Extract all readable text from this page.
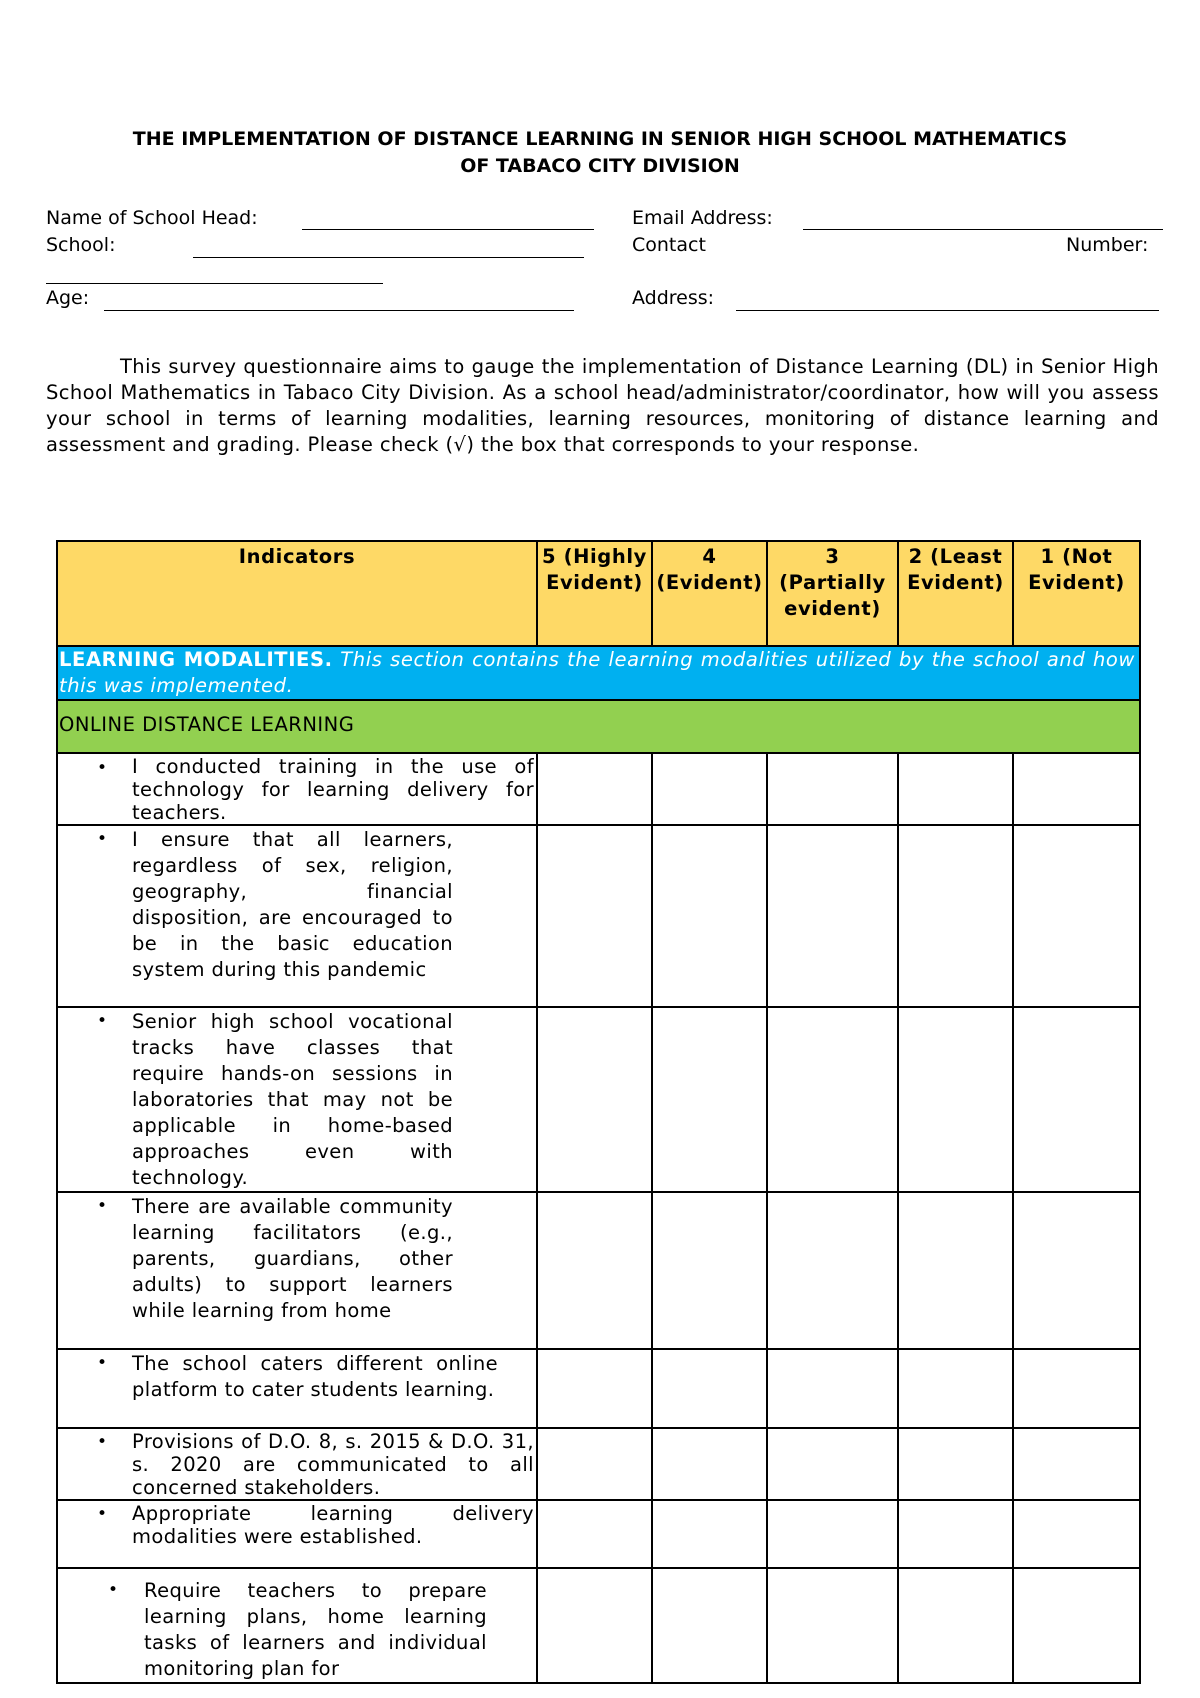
THE IMPLEMENTATION OF DISTANCE LEARNING IN SENIOR HIGH SCHOOL MATHEMATICS
OF TABACO CITY DIVISION
Name of School Head:	Email Address:
School:	Contact	Number:
Age:	Address:

This survey questionnaire aims to gauge the implementation of Distance Learning (DL) in Senior High School Mathematics in Tabaco City Division. As a school head/administrator/coordinator, how will you assess your school in terms of learning modalities, learning resources, monitoring of distance learning and assessment and grading. Please check (√) the box that corresponds to your response.

Indicators	5 (Highly Evident)	4 (Evident)	3 (Partially evident)	2 (Least Evident)	1 (Not Evident)

LEARNING MODALITIES. This section contains the learning modalities utilized by the school and how this was implemented.					
ONLINE DISTANCE LEARNING					

• I conducted training in the use of technology for learning delivery for teachers.					

• I ensure that all learners, regardless of sex, religion, geography, financial disposition, are encouraged to be in the basic education system during this pandemic					

• Senior high school vocational tracks have classes that require hands-on sessions in laboratories that may not be applicable in home-based approaches even with technology.					

• There are available community learning facilitators (e.g., parents, guardians, other adults) to support learners while learning from home					

• The school caters different online platform to cater students learning.					

• Provisions of D.O. 8, s. 2015 & D.O. 31, s. 2020 are communicated to all concerned stakeholders.					

• Appropriate learning delivery modalities were established.					

• Require teachers to prepare learning plans, home learning tasks of learners and individual monitoring plan for					
